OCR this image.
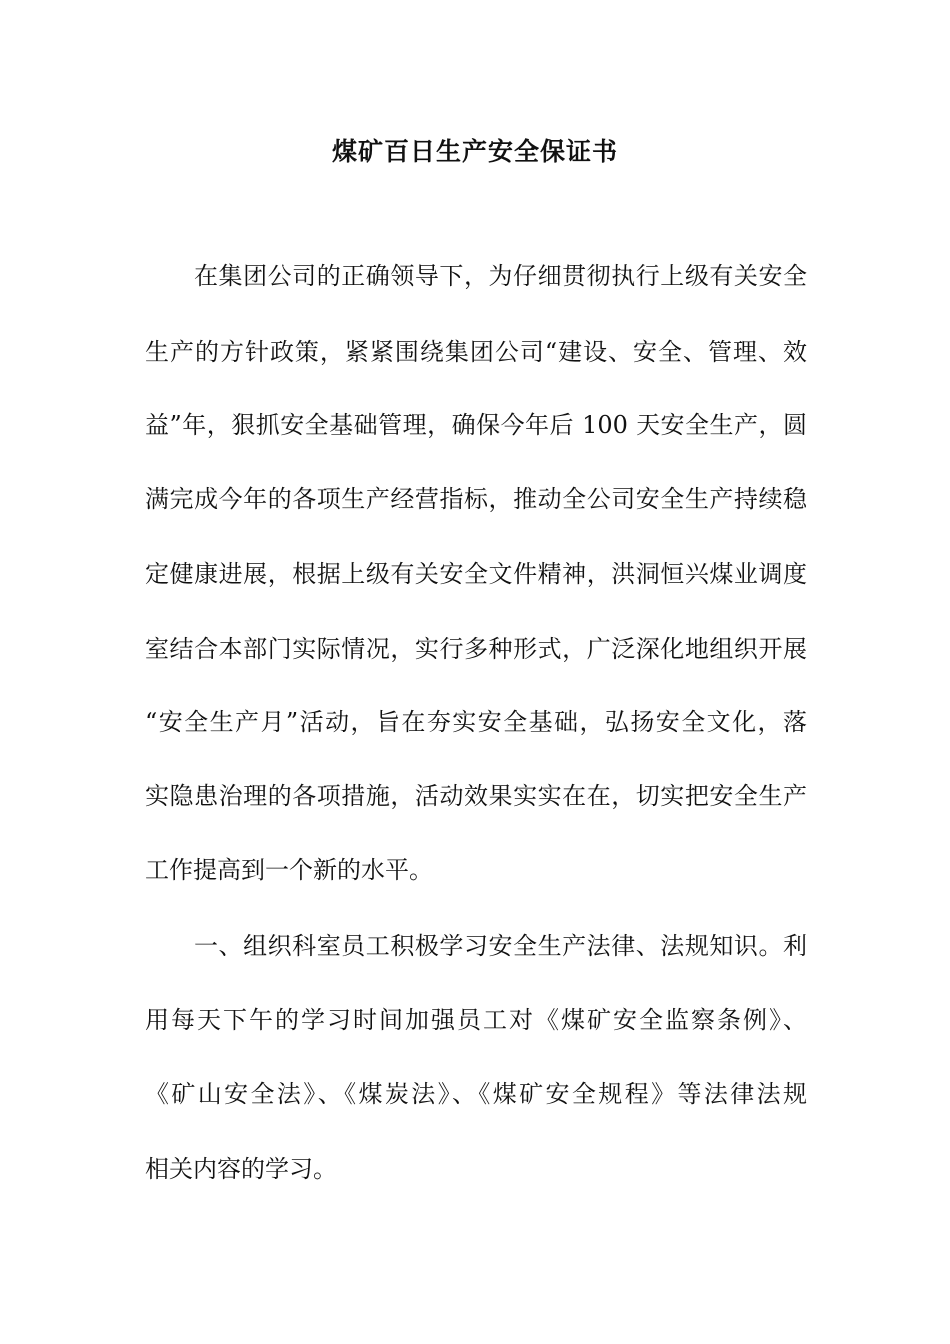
煤矿百日生产安全保证书

在集团公司的正确领导下，为仔细贯彻执行上级有关安全

生产的方针政策，紧紧围绕集团公司“建设、安全、管理、效

益”年，狠抓安全基础管理，确保今年后 100 天安全生产，圆

满完成今年的各项生产经营指标，推动全公司安全生产持续稳

定健康进展，根据上级有关安全文件精神，洪洞恒兴煤业调度

室结合本部门实际情况，实行多种形式，广泛深化地组织开展

“安全生产月”活动，旨在夯实安全基础，弘扬安全文化，落

实隐患治理的各项措施，活动效果实实在在，切实把安全生产

工作提高到一个新的水平。

一、组织科室员工积极学习安全生产法律、法规知识。利

用每天下午的学习时间加强员工对《煤矿安全监察条例》、

《矿山安全法》、《煤炭法》、《煤矿安全规程》等法律法规

相关内容的学习。
